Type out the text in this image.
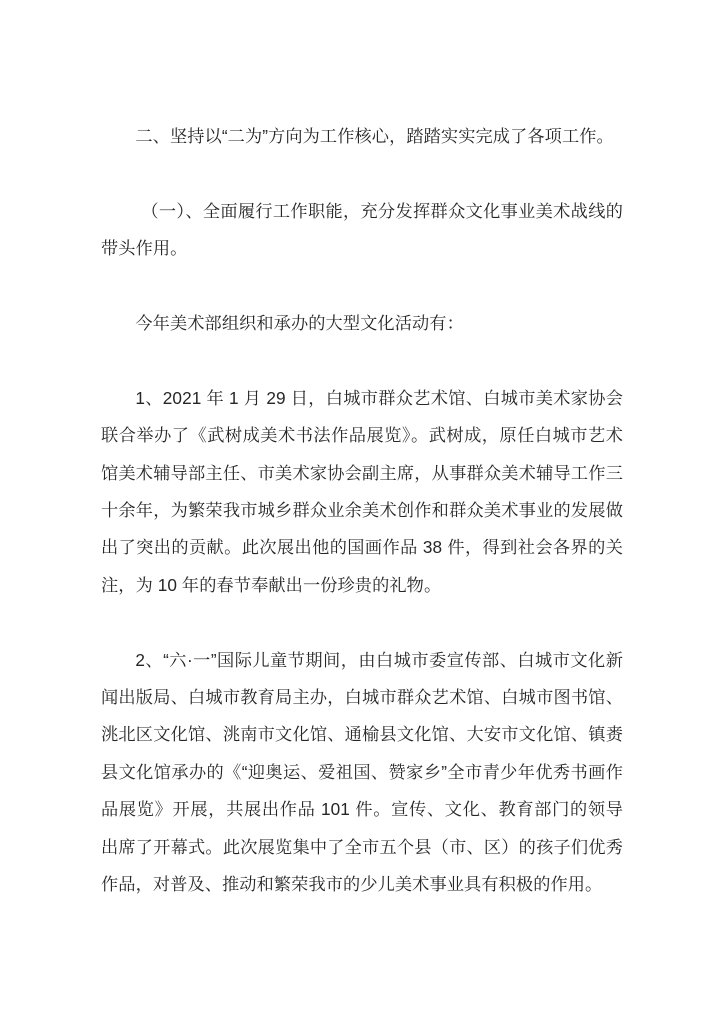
二、坚持以“二为”方向为工作核心，踏踏实实完成了各项工作。

（一）、全面履行工作职能，充分发挥群众文化事业美术战线的带头作用。

今年美术部组织和承办的大型文化活动有：

1、2021 年 1 月 29 日，白城市群众艺术馆、白城市美术家协会联合举办了《武树成美术书法作品展览》。武树成，原任白城市艺术馆美术辅导部主任、市美术家协会副主席，从事群众美术辅导工作三十余年，为繁荣我市城乡群众业余美术创作和群众美术事业的发展做出了突出的贡献。此次展出他的国画作品 38 件，得到社会各界的关注，为 10 年的春节奉献出一份珍贵的礼物。

2、“六·一”国际儿童节期间，由白城市委宣传部、白城市文化新闻出版局、白城市教育局主办，白城市群众艺术馆、白城市图书馆、洮北区文化馆、洮南市文化馆、通榆县文化馆、大安市文化馆、镇赉县文化馆承办的《“迎奥运、爱祖国、赞家乡”全市青少年优秀书画作品展览》开展，共展出作品 101 件。宣传、文化、教育部门的领导出席了开幕式。此次展览集中了全市五个县（市、区）的孩子们优秀作品，对普及、推动和繁荣我市的少儿美术事业具有积极的作用。
